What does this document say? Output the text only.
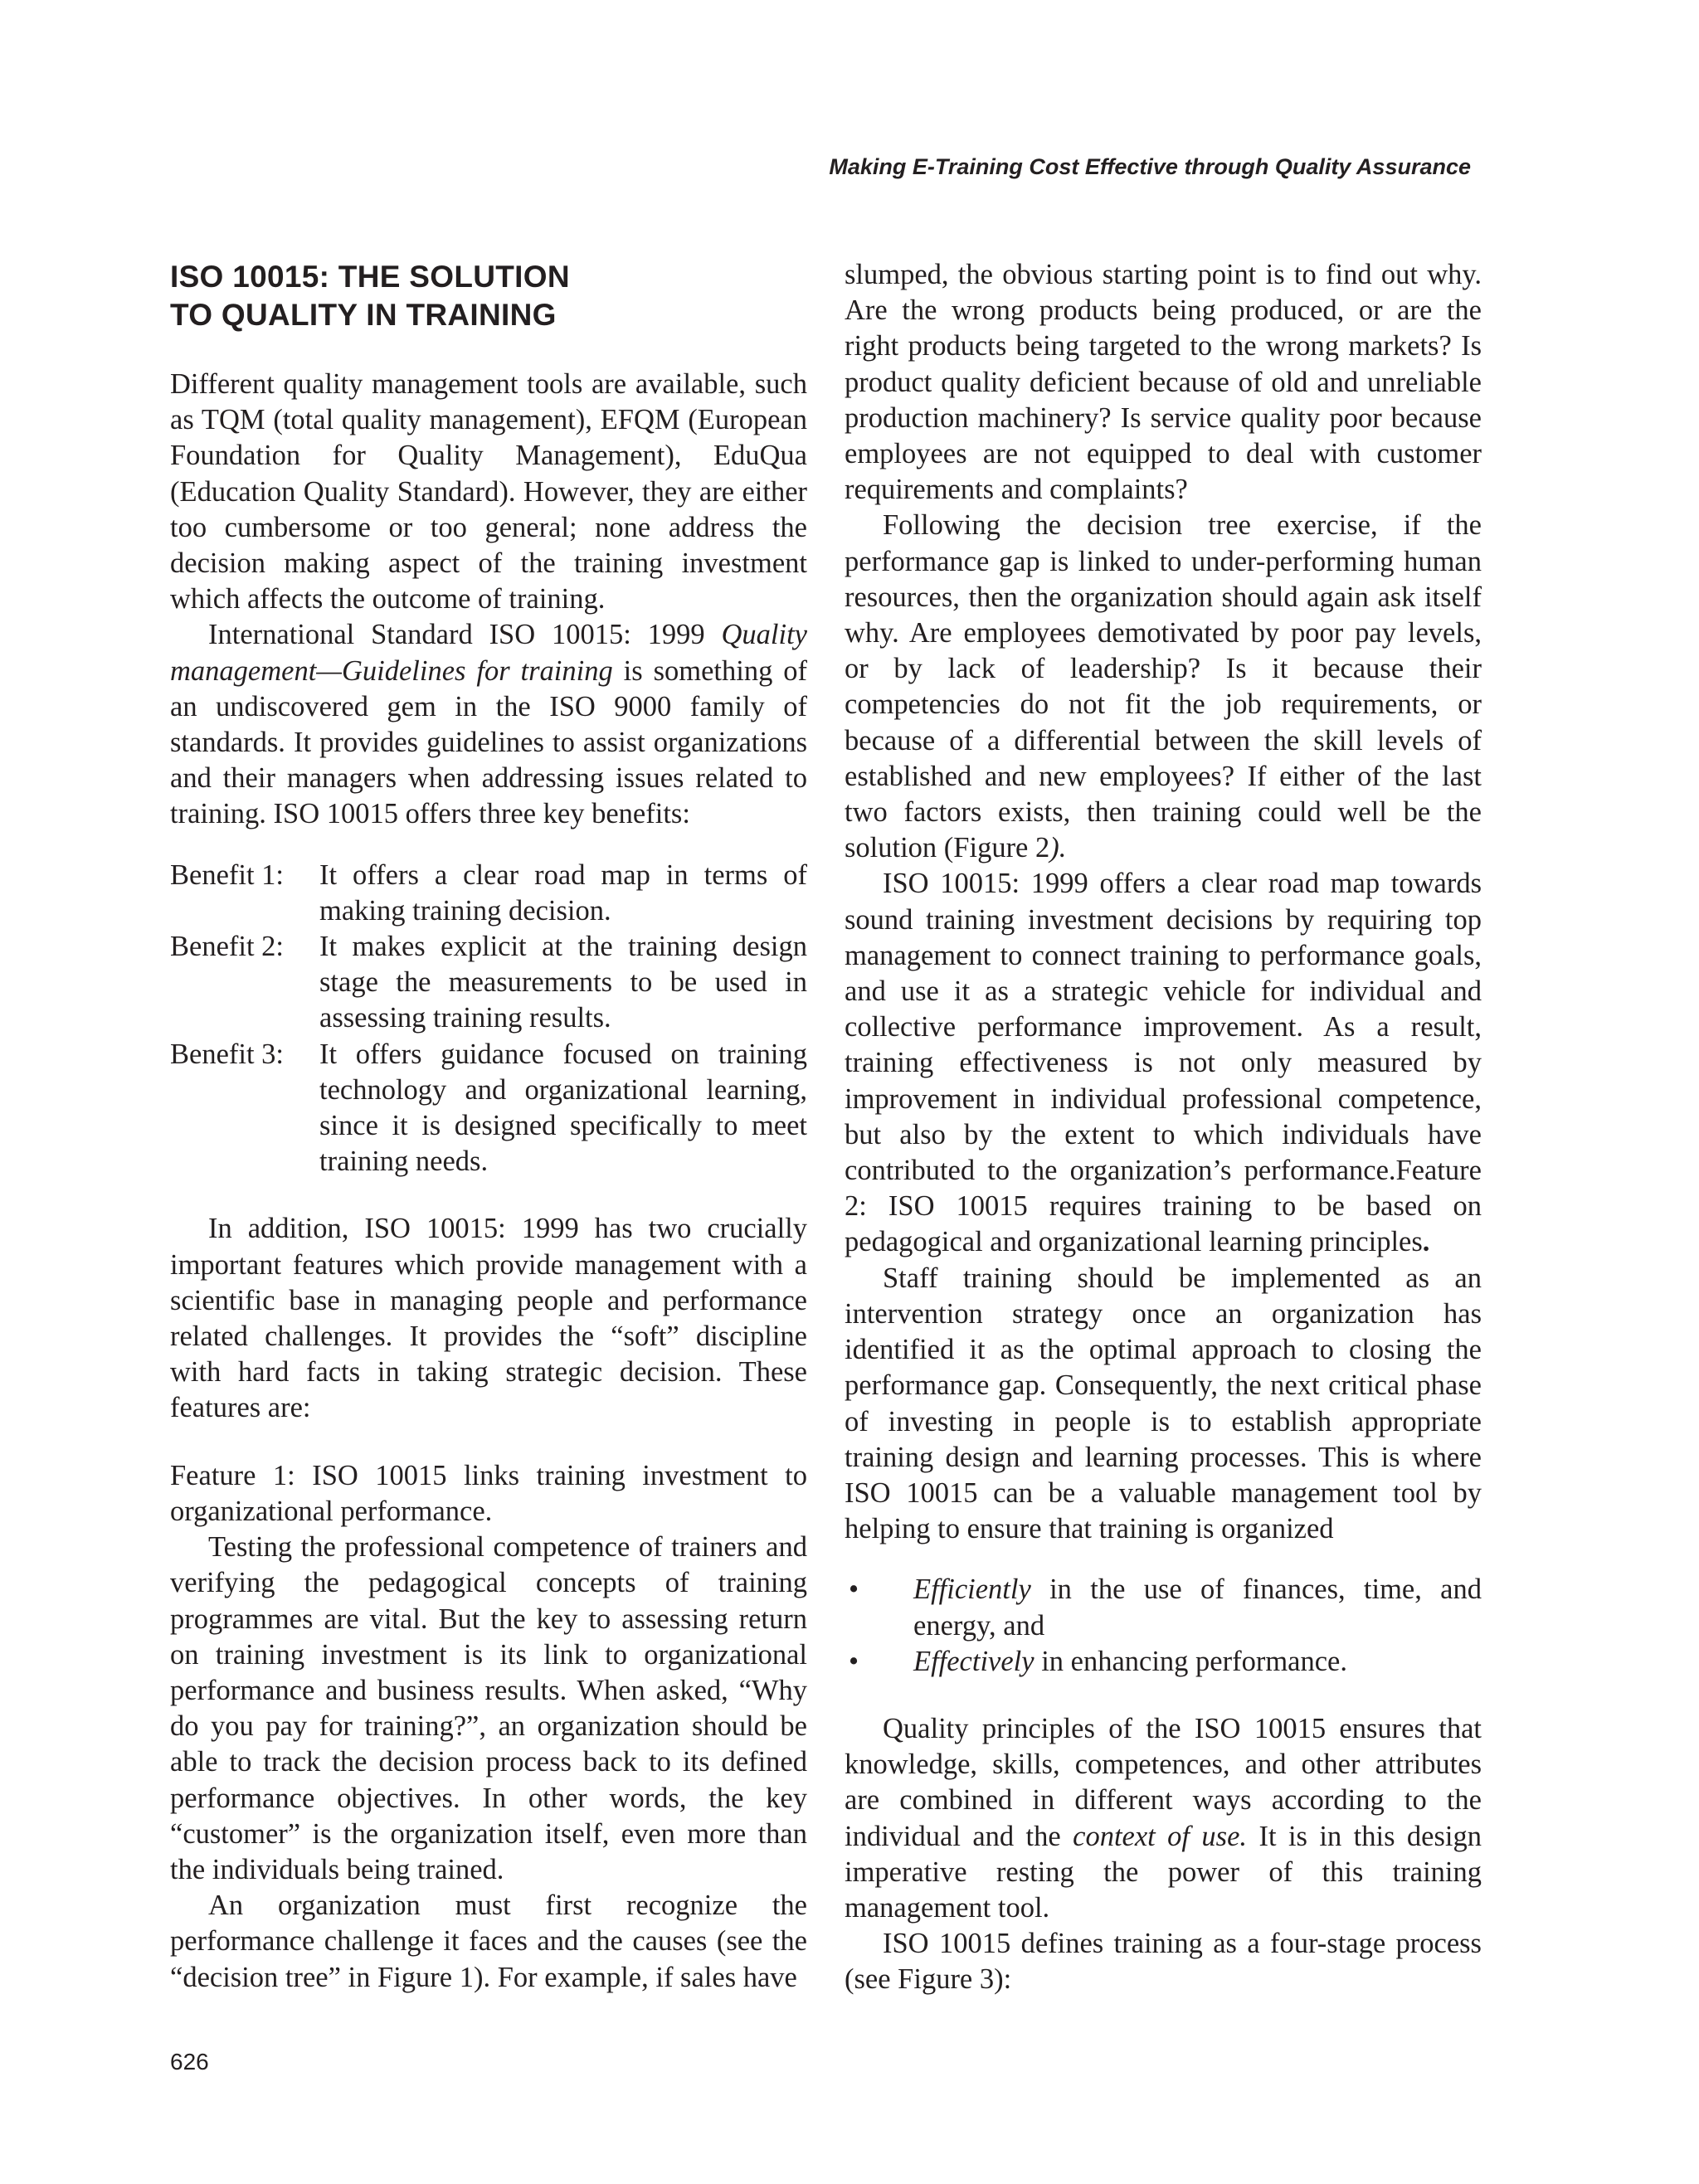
Making E-Training Cost Effective through Quality Assurance
ISO 10015: THE SOLUTION
TO QUALITY IN TRAINING

Different quality management tools are available, such as TQM (total quality management), EFQM (European Foundation for Quality Management), EduQua (Education Quality Standard). However, they are either too cumbersome or too general; none address the decision making aspect of the training investment which affects the outcome of training.

International Standard ISO 10015: 1999 Quality management—Guidelines for training is something of an undiscovered gem in the ISO 9000 family of standards. It provides guidelines to assist organizations and their managers when addressing issues related to training. ISO 10015 offers three key benefits:

Benefit 1:	It offers a clear road map in terms of making training decision.
Benefit 2:	It makes explicit at the training design stage the measurements to be used in assessing training results.
Benefit 3:	It offers guidance focused on training technology and organizational learning, since it is designed specifically to meet training needs.

In addition, ISO 10015: 1999 has two crucially important features which provide management with a scientific base in managing people and performance related challenges. It provides the “soft” discipline with hard facts in taking strategic decision. These features are:

Feature 1: ISO 10015 links training investment to organizational performance.

Testing the professional competence of trainers and verifying the pedagogical concepts of training programmes are vital. But the key to assessing return on training investment is its link to organizational performance and business results. When asked, “Why do you pay for training?”, an organization should be able to track the decision process back to its defined performance objectives. In other words, the key “customer” is the organization itself, even more than the individuals being trained.

An organization must first recognize the performance challenge it faces and the causes (see the “decision tree” in Figure 1). For example, if sales have

slumped, the obvious starting point is to find out why. Are the wrong products being produced, or are the right products being targeted to the wrong markets? Is product quality deficient because of old and unreliable production machinery? Is service quality poor because employees are not equipped to deal with customer requirements and complaints?

Following the decision tree exercise, if the performance gap is linked to under-performing human resources, then the organization should again ask itself why. Are employees demotivated by poor pay levels, or by lack of leadership? Is it because their competencies do not fit the job requirements, or because of a differential between the skill levels of established and new employees? If either of the last two factors exists, then training could well be the solution (Figure 2).

ISO 10015: 1999 offers a clear road map towards sound training investment decisions by requiring top management to connect training to performance goals, and use it as a strategic vehicle for individual and collective performance improvement. As a result, training effectiveness is not only measured by improvement in individual professional competence, but also by the extent to which individuals have contributed to the organization’s performance.Feature 2: ISO 10015 requires training to be based on pedagogical and organizational learning principles.

Staff training should be implemented as an intervention strategy once an organization has identified it as the optimal approach to closing the performance gap. Consequently, the next critical phase of investing in people is to establish appropriate training design and learning processes. This is where ISO 10015 can be a valuable management tool by helping to ensure that training is organized

•	Efficiently in the use of finances, time, and energy, and
•	Effectively in enhancing performance.

Quality principles of the ISO 10015 ensures that knowledge, skills, competences, and other attributes are combined in different ways according to the individual and the context of use. It is in this design imperative resting the power of this training management tool.

ISO 10015 defines training as a four-stage process (see Figure 3):

626
